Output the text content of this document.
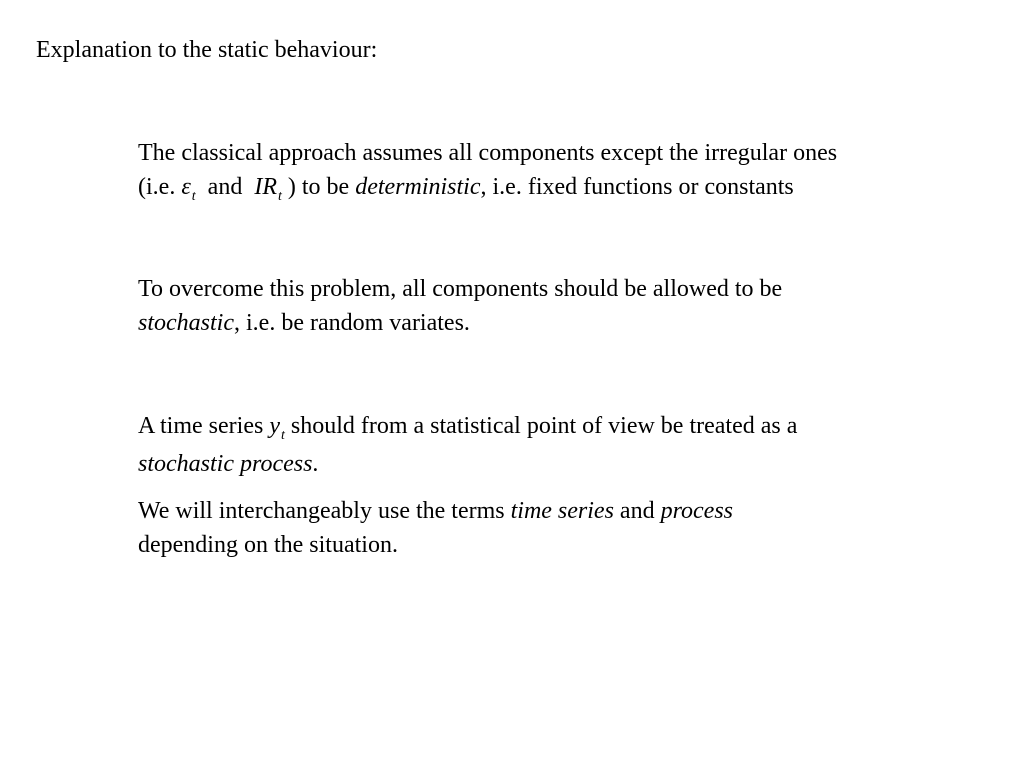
Explanation to the static behaviour:

The classical approach assumes all components except the irregular ones
(i.e. $\varepsilon_t$ and $IR_t$ ) to be deterministic, i.e. fixed functions or constants

To overcome this problem, all components should be allowed to be
stochastic, i.e. be random variates.

A time series $y_t$ should from a statistical point of view be treated as a
stochastic process.

We will interchangeably use the terms time series and process
depending on the situation.
